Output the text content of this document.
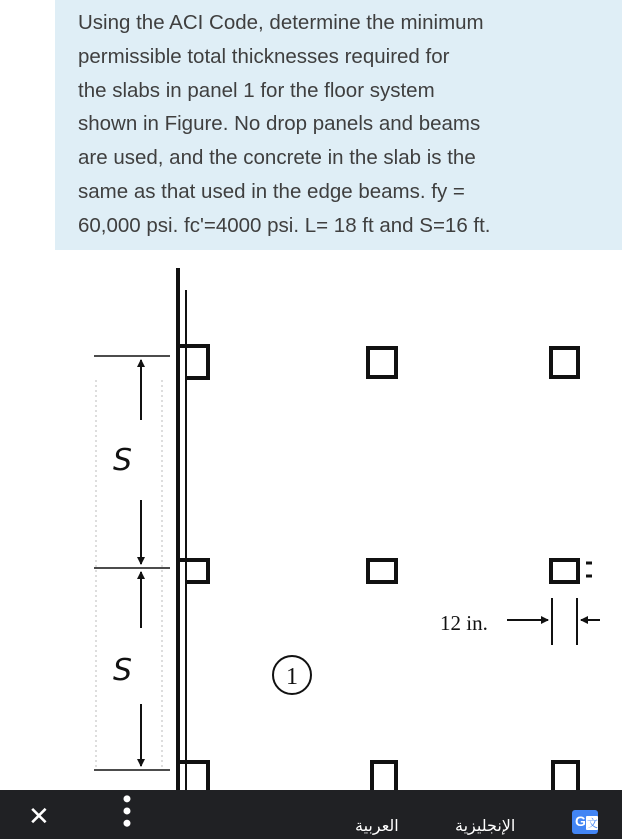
Using the ACI Code, determine the minimum
permissible total thicknesses required for
the slabs in panel 1 for the floor system
shown in Figure. No drop panels and beams
are used, and the concrete in the slab is the
same as that used in the edge beams. fy =
60,000 psi. fc'=4000 psi. L= 18 ft and S=16 ft.
S
S	1
12 in.
✕	•••	العربية	الإنجليزية	G 文
